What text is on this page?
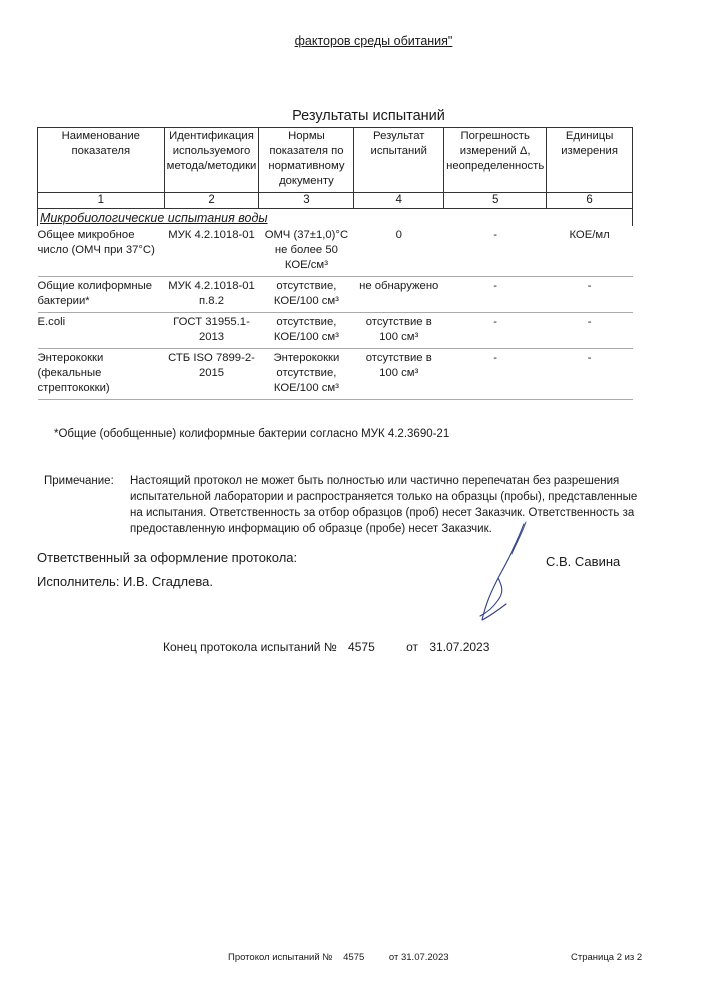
факторов среды обитания"
Результаты испытаний
Наименование показателя	Идентификация используемого метода/методики	Нормы показателя по нормативному документу	Результат испытаний	Погрешность измерений Δ, неопределенность	Единицы измерения
1	2	3	4	5	6
Микробиологические испытания воды					
Общее микробное число (ОМЧ при 37°С)	МУК 4.2.1018-01	ОМЧ (37±1,0)°С не более 50 КОЕ/см³	0	-	КОЕ/мл
Общие колиформные бактерии*	МУК 4.2.1018-01 п.8.2	отсутствие, КОЕ/100 см³	не обнаружено	-	-
E.coli	ГОСТ 31955.1-2013	отсутствие, КОЕ/100 см³	отсутствие в 100 см³	-	-
Энтерококки (фекальные стрептококки)	СТБ ISO 7899-2-2015	Энтерококки отсутствие, КОЕ/100 см³	отсутствие в 100 см³	-	-
*Общие (обобщенные) колиформные бактерии согласно МУК 4.2.3690-21
Примечание: Настоящий протокол не может быть полностью или частично перепечатан без разрешения испытательной лаборатории и распространяется только на образцы (пробы), представленные на испытания. Ответственность за отбор образцов (проб) несет Заказчик. Ответственность за предоставленную информацию об образце (пробе) несет Заказчик.
Ответственный за оформление протокола:	С.В. Савина
Исполнитель: И.В. Сгадлева.
Конец протокола испытаний № 4575	от 31.07.2023
Протокол испытаний № 4575	от 31.07.2023	Страница 2 из 2
